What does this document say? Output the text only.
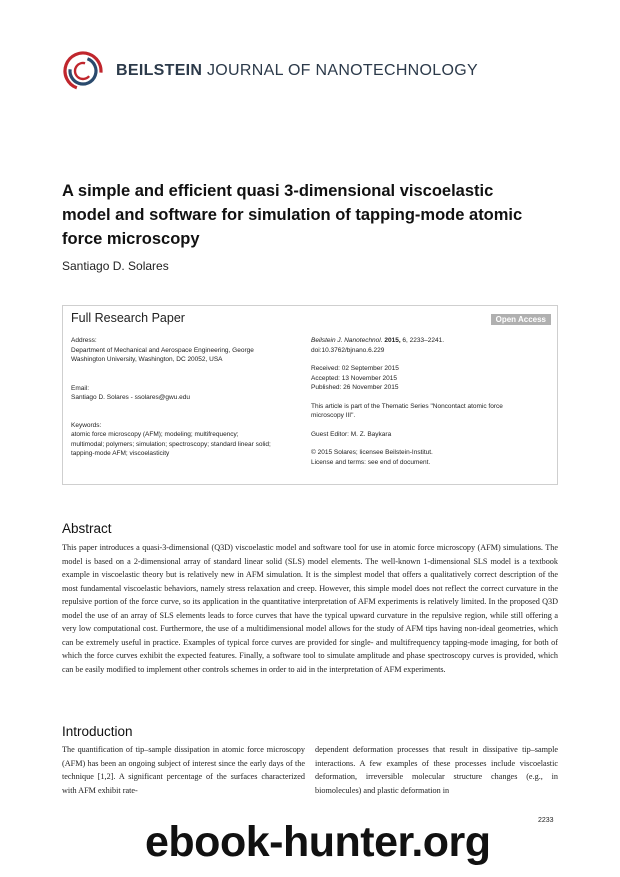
BEILSTEIN JOURNAL OF NANOTECHNOLOGY
A simple and efficient quasi 3-dimensional viscoelastic model and software for simulation of tapping-mode atomic force microscopy
Santiago D. Solares
Full Research Paper	Open Access
Address:
Department of Mechanical and Aerospace Engineering, George
Washington University, Washington, DC 20052, USA
Email:
Santiago D. Solares - ssolares@gwu.edu
Keywords:
atomic force microscopy (AFM); modeling; multifrequency;
multimodal; polymers; simulation; spectroscopy; standard linear solid;
tapping-mode AFM; viscoelasticity
Beilstein J. Nanotechnol. 2015, 6, 2233–2241.
doi:10.3762/bjnano.6.229
Received: 02 September 2015
Accepted: 13 November 2015
Published: 26 November 2015
This article is part of the Thematic Series "Noncontact atomic force
microscopy III".
Guest Editor: M. Z. Baykara
© 2015 Solares; licensee Beilstein-Institut.
License and terms: see end of document.
Abstract

This paper introduces a quasi-3-dimensional (Q3D) viscoelastic model and software tool for use in atomic force microscopy (AFM) simulations. The model is based on a 2-dimensional array of standard linear solid (SLS) model elements. The well-known 1-dimensional SLS model is a textbook example in viscoelastic theory but is relatively new in AFM simulation. It is the simplest model that offers a qualitatively correct description of the most fundamental viscoelastic behaviors, namely stress relaxation and creep. However, this simple model does not reflect the correct curvature in the repulsive portion of the force curve, so its application in the quantitative interpretation of AFM experiments is relatively limited. In the proposed Q3D model the use of an array of SLS elements leads to force curves that have the typical upward curvature in the repulsive region, while still offering a very low computational cost. Furthermore, the use of a multidimensional model allows for the study of AFM tips having non-ideal geometries, which can be extremely useful in practice. Examples of typical force curves are provided for single- and multifrequency tapping-mode imaging, for both of which the force curves exhibit the expected features. Finally, a software tool to simulate amplitude and phase spectroscopy curves is provided, which can be easily modified to implement other controls schemes in order to aid in the interpretation of AFM experiments.

Introduction

The quantification of tip–sample dissipation in atomic force microscopy (AFM) has been an ongoing subject of interest since the early days of the technique [1,2]. A significant percentage of the surfaces characterized with AFM exhibit rate-

dependent deformation processes that result in dissipative tip–sample interactions. A few examples of these processes include viscoelastic deformation, irreversible molecular structure changes (e.g., in biomolecules) and plastic deformation in

2233
ebook-hunter.org
